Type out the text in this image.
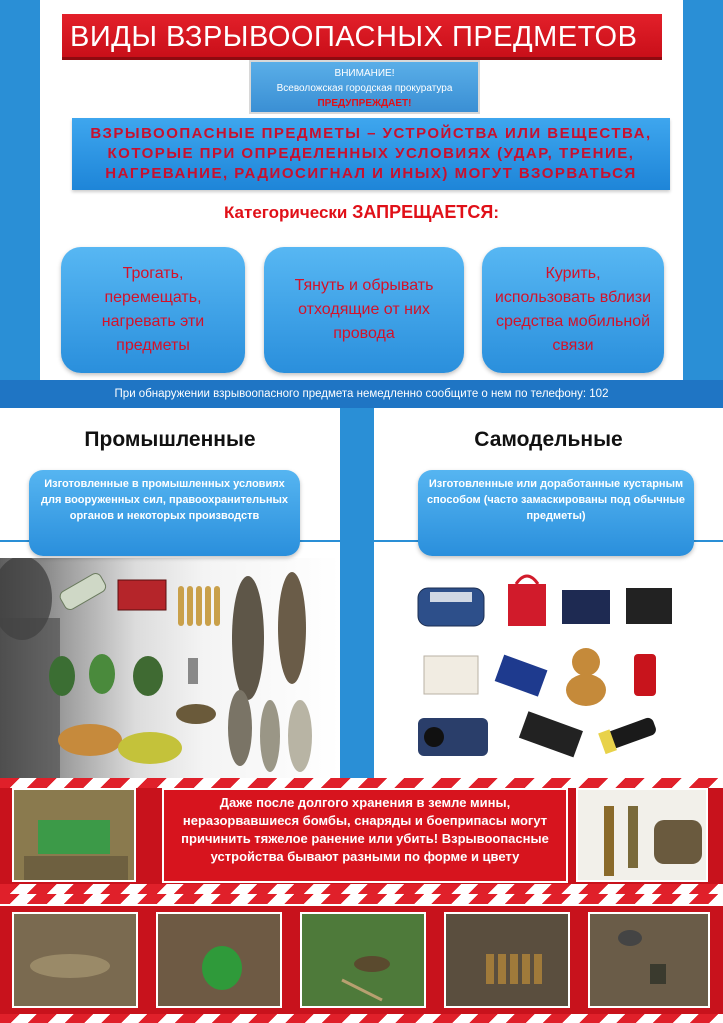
ВИДЫ ВЗРЫВООПАСНЫХ ПРЕДМЕТОВ
ВНИМАНИЕ!
Всеволожская городская прокуратура
ПРЕДУПРЕЖДАЕТ!
ВЗРЫВООПАСНЫЕ ПРЕДМЕТЫ – УСТРОЙСТВА ИЛИ ВЕЩЕСТВА, КОТОРЫЕ ПРИ ОПРЕДЕЛЕННЫХ УСЛОВИЯХ (УДАР, ТРЕНИЕ, НАГРЕВАНИЕ, РАДИОСИГНАЛ И ИНЫХ) МОГУТ ВЗОРВАТЬСЯ
Категорически ЗАПРЕЩАЕТСЯ:
Трогать, перемещать, нагревать эти предметы
Тянуть и обрывать отходящие от них провода
Курить, использовать вблизи средства мобильной связи
При обнаружении взрывоопасного предмета немедленно сообщите о нем по телефону: 102
Промышленные	Самодельные
Изготовленные в промышленных условиях для вооруженных сил, правоохранительных органов и некоторых производств
Изготовленные или доработанные кустарным способом (часто замаскированы под обычные предметы)
Даже после долгого хранения в земле мины, неразорвавшиеся бомбы, снаряды и боеприпасы могут причинить тяжелое ранение или убить! Взрывоопасные устройства бывают разными по форме и цвету
